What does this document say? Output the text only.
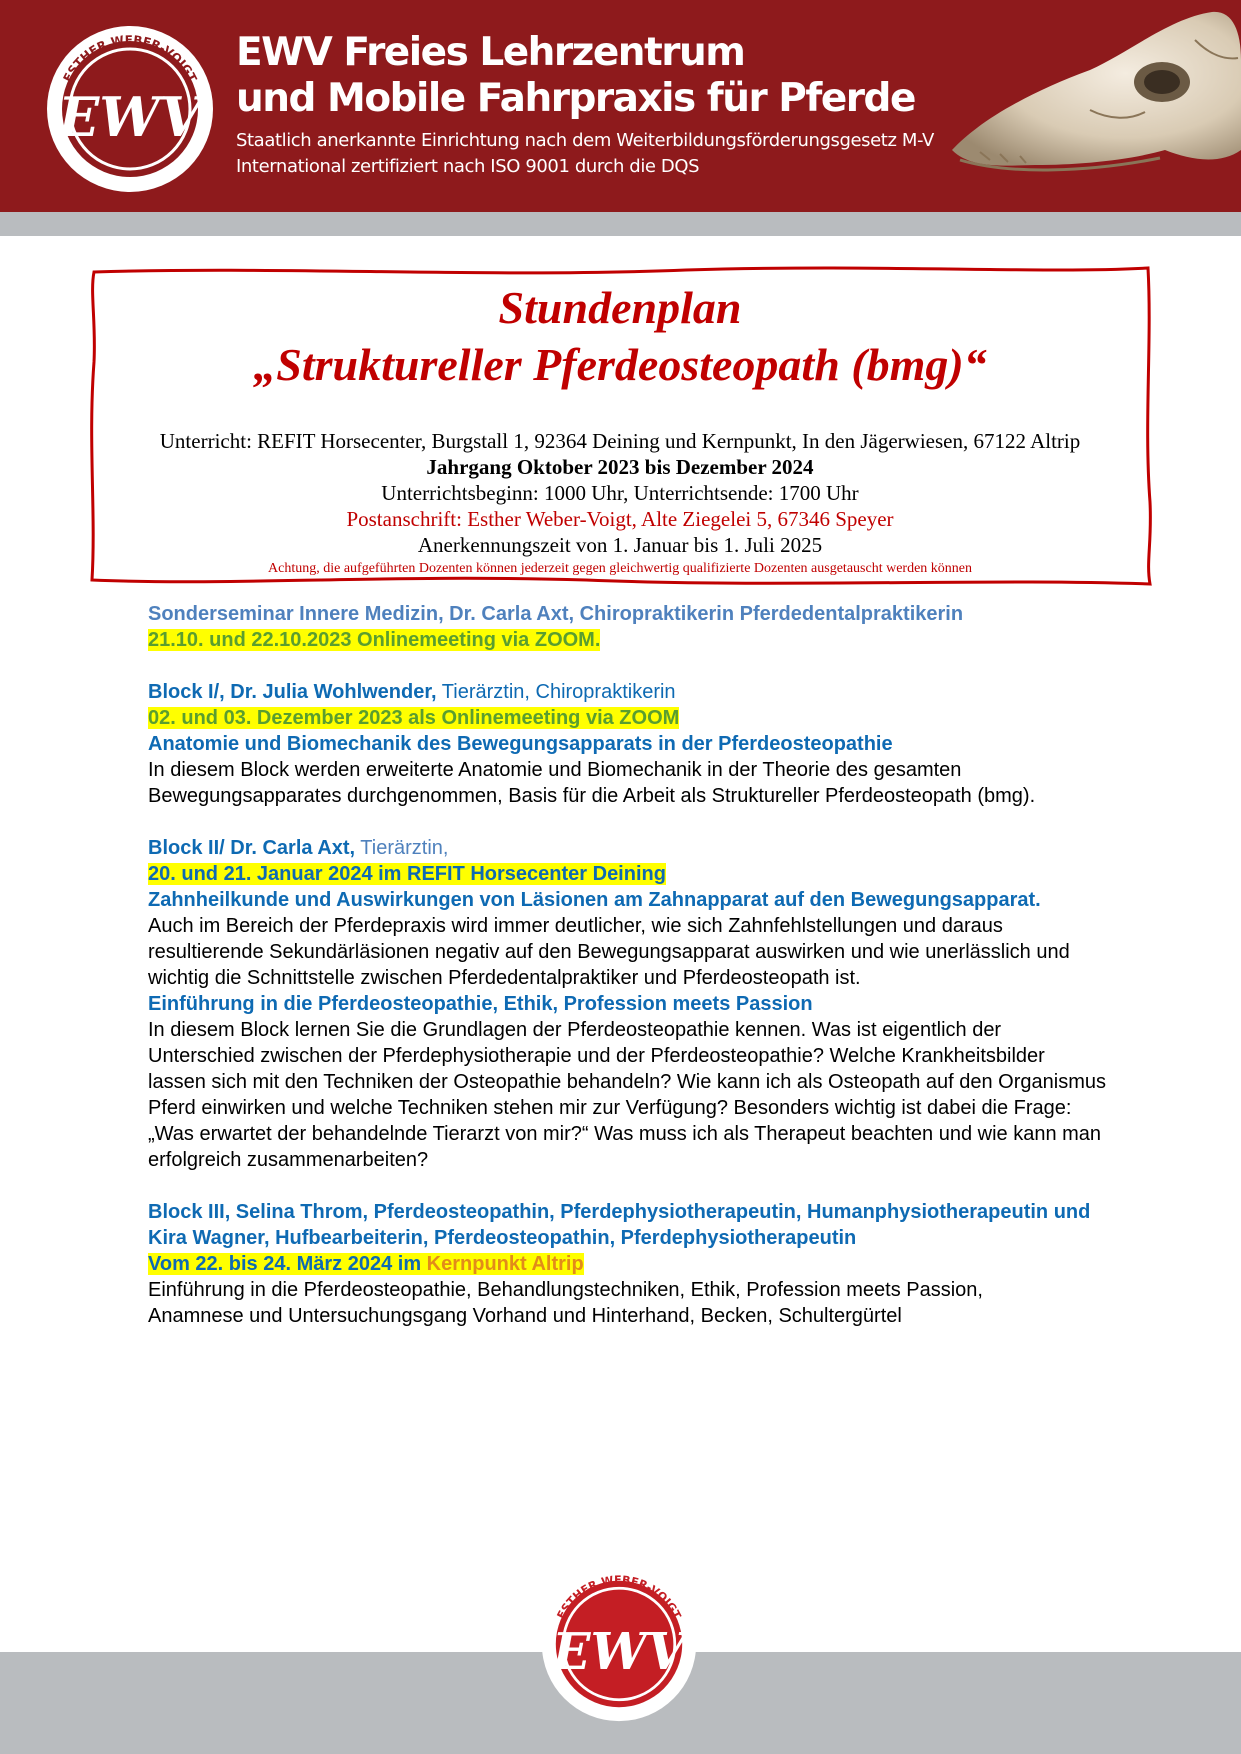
ESTHER WEBER-VOIGT
EWV
EWV Freies Lehrzentrum
und Mobile Fahrpraxis für Pferde
Staatlich anerkannte Einrichtung nach dem Weiterbildungsförderungsgesetz M-V
International zertifiziert nach ISO 9001 durch die DQS
Stundenplan
„Struktureller Pferdeosteopath (bmg)“
Unterricht: REFIT Horsecenter, Burgstall 1, 92364 Deining und Kernpunkt, In den Jägerwiesen, 67122 Altrip
Jahrgang Oktober 2023 bis Dezember 2024
Unterrichtsbeginn: 1000 Uhr, Unterrichtsende: 1700 Uhr
Postanschrift: Esther Weber-Voigt, Alte Ziegelei 5, 67346 Speyer
Anerkennungszeit von 1. Januar bis 1. Juli 2025
Achtung, die aufgeführten Dozenten können jederzeit gegen gleichwertig qualifizierte Dozenten ausgetauscht werden können
Sonderseminar Innere Medizin, Dr. Carla Axt, Chiropraktikerin Pferdedentalpraktikerin
21.10. und 22.10.2023 Onlinemeeting via ZOOM.
Block I/, Dr. Julia Wohlwender, Tierärztin, Chiropraktikerin
02. und 03. Dezember 2023 als Onlinemeeting via ZOOM
Anatomie und Biomechanik des Bewegungsapparats in der Pferdeosteopathie
In diesem Block werden erweiterte Anatomie und Biomechanik in der Theorie des gesamten Bewegungsapparates durchgenommen, Basis für die Arbeit als Struktureller Pferdeosteopath (bmg).
Block II/ Dr. Carla Axt, Tierärztin,
20. und 21. Januar 2024 im REFIT Horsecenter Deining
Zahnheilkunde und Auswirkungen von Läsionen am Zahnapparat auf den Bewegungsapparat.
Auch im Bereich der Pferdepraxis wird immer deutlicher, wie sich Zahnfehlstellungen und daraus resultierende Sekundärläsionen negativ auf den Bewegungsapparat auswirken und wie unerlässlich und wichtig die Schnittstelle zwischen Pferdedentalpraktiker und Pferdeosteopath ist.
Einführung in die Pferdeosteopathie, Ethik, Profession meets Passion
In diesem Block lernen Sie die Grundlagen der Pferdeosteopathie kennen. Was ist eigentlich der Unterschied zwischen der Pferdephysiotherapie und der Pferdeosteopathie? Welche Krankheitsbilder lassen sich mit den Techniken der Osteopathie behandeln? Wie kann ich als Osteopath auf den Organismus Pferd einwirken und welche Techniken stehen mir zur Verfügung? Besonders wichtig ist dabei die Frage: „Was erwartet der behandelnde Tierarzt von mir?“ Was muss ich als Therapeut beachten und wie kann man erfolgreich zusammenarbeiten?
Block III, Selina Throm, Pferdeosteopathin, Pferdephysiotherapeutin, Humanphysiotherapeutin und Kira Wagner, Hufbearbeiterin, Pferdeosteopathin, Pferdephysiotherapeutin
Vom 22. bis 24. März 2024 im Kernpunkt Altrip
Einführung in die Pferdeosteopathie, Behandlungstechniken, Ethik, Profession meets Passion,
Anamnese und Untersuchungsgang Vorhand und Hinterhand, Becken, Schultergürtel
ESTHER WEBER-VOIGT
EWV
